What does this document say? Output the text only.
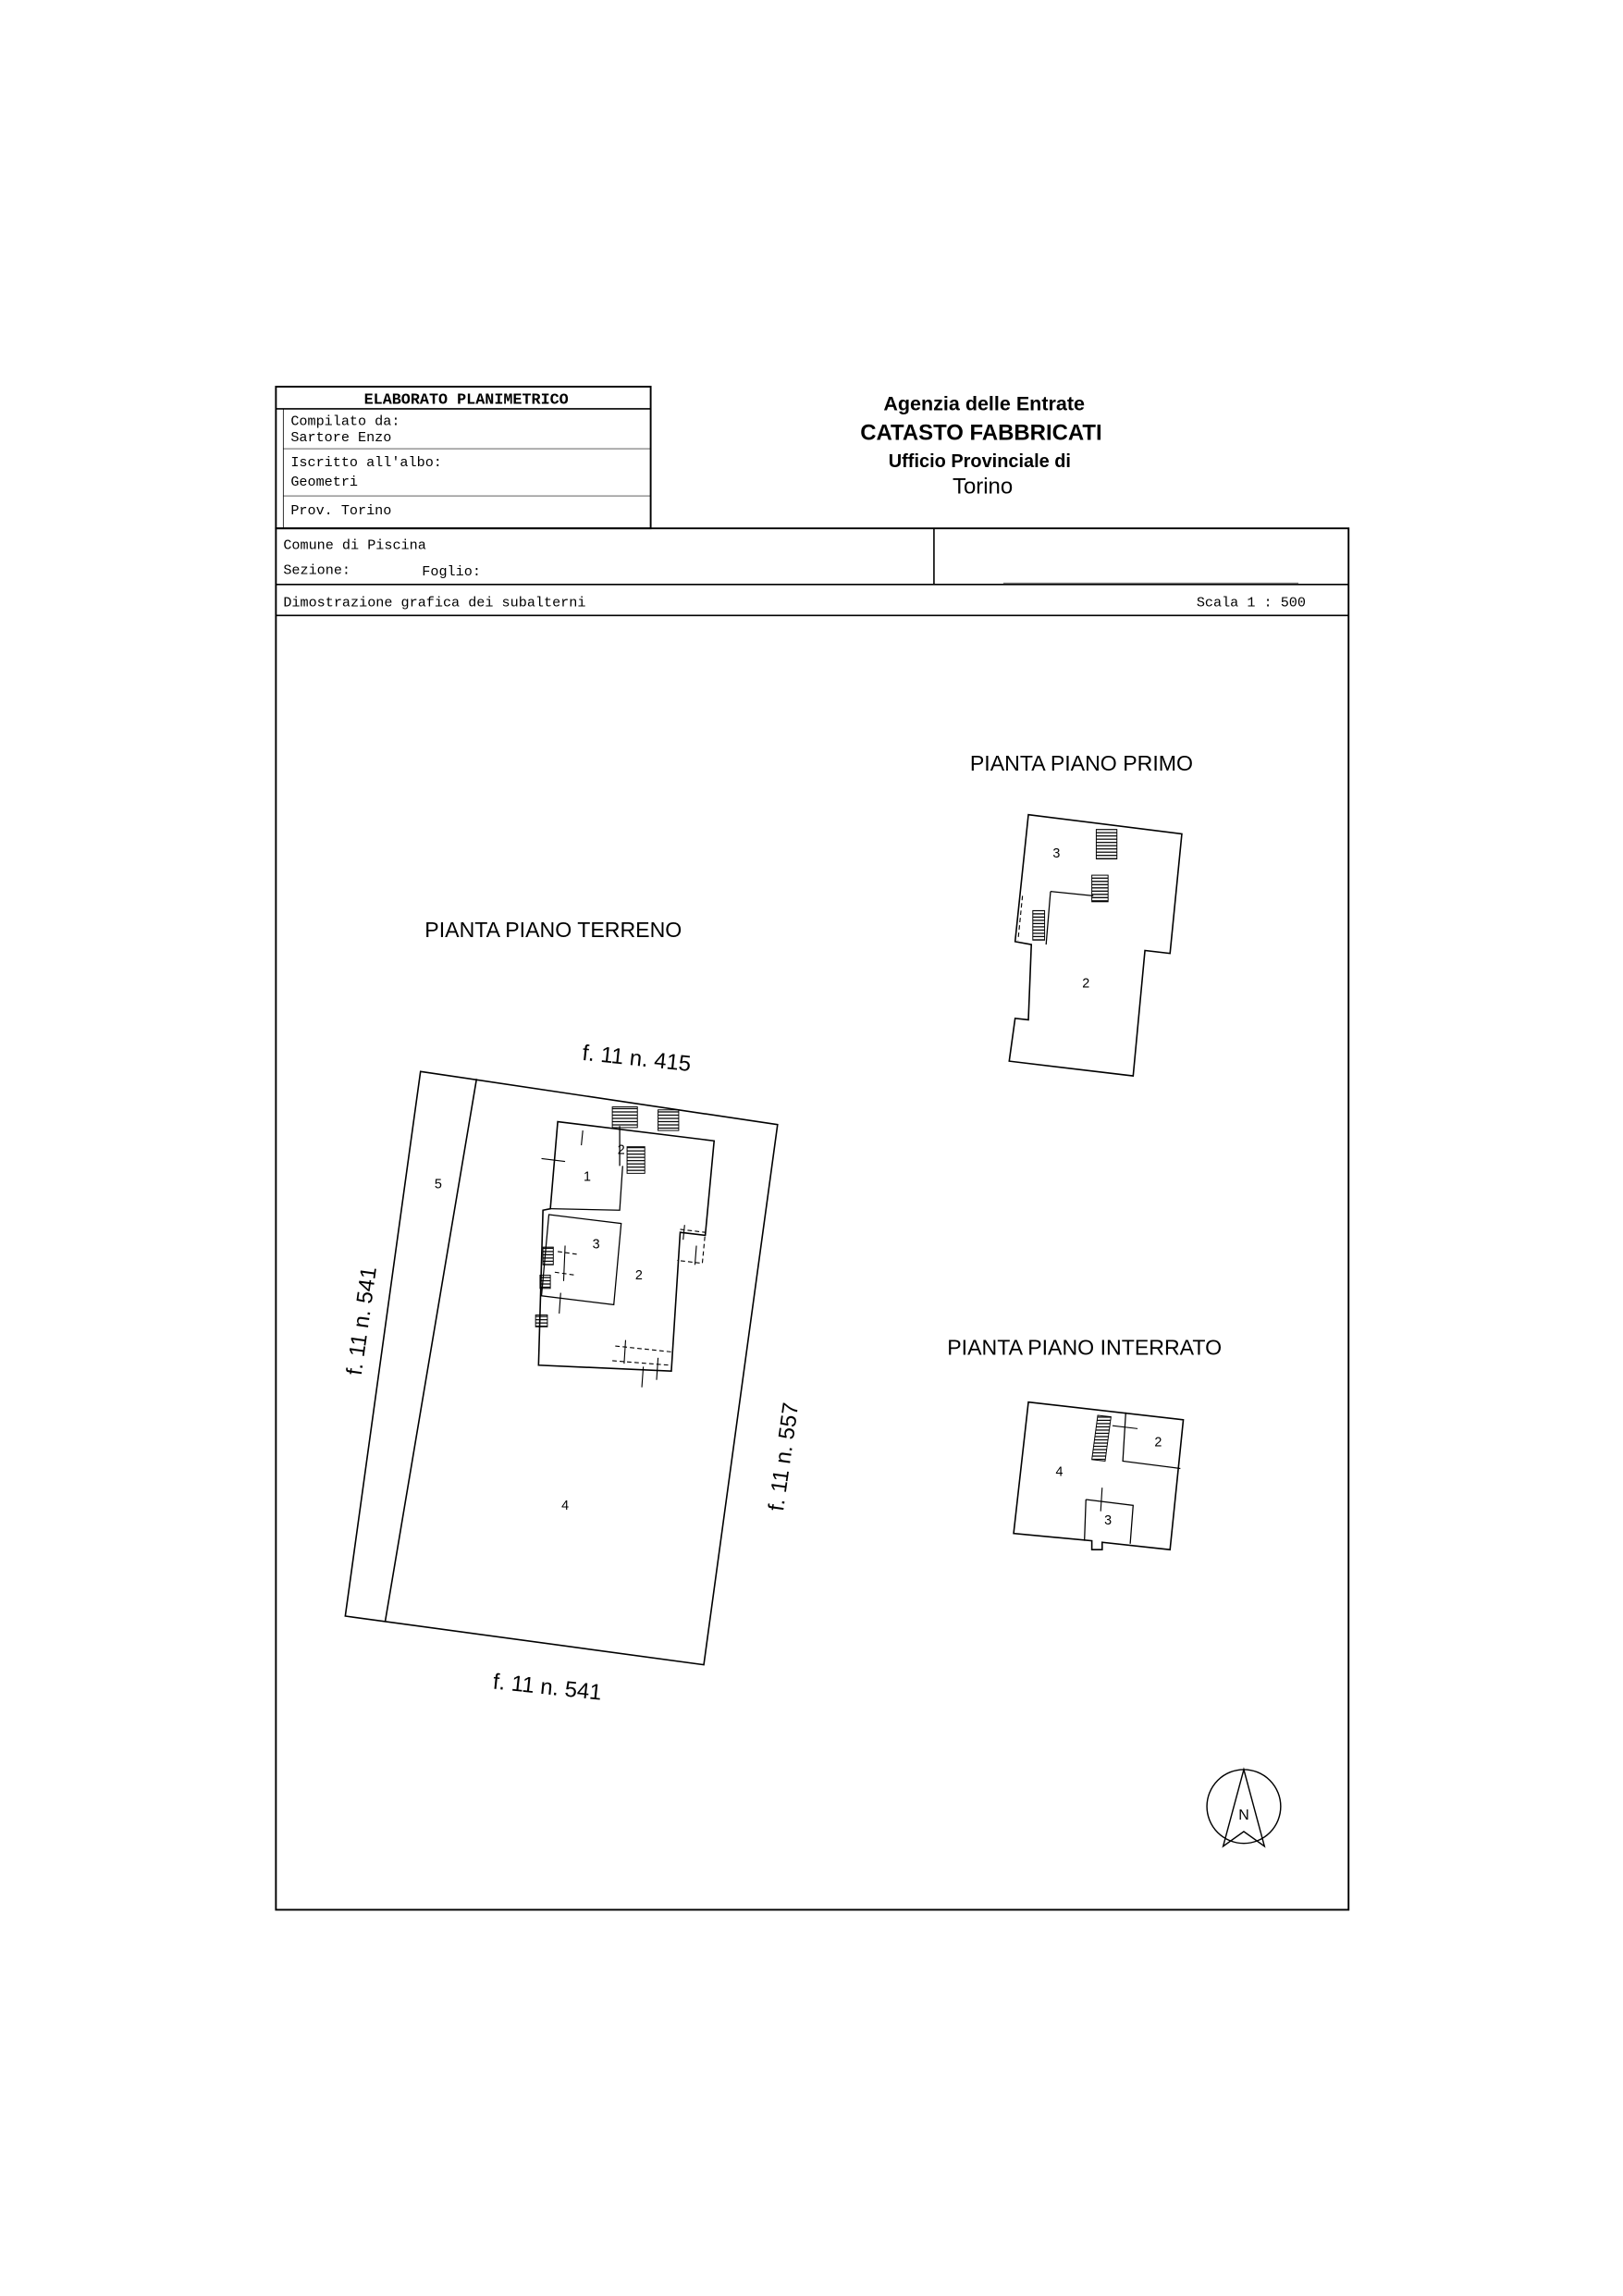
ELABORATO PLANIMETRICO
Compilato da:
Sartore Enzo
Iscritto all'albo:
Geometri
Prov. Torino
Agenzia delle Entrate
CATASTO FABBRICATI
Ufficio Provinciale di
Torino
Comune di Piscina
Sezione:	Foglio:
Dimostrazione grafica dei subalterni	Scala 1 : 500
PIANTA PIANO PRIMO
3
2
PIANTA PIANO TERRENO
5	1
2
3
2
4
f. 11 n. 415
f. 11 n. 541
f. 11 n. 557
f. 11 n. 541
PIANTA PIANO INTERRATO
4
2
3
N
